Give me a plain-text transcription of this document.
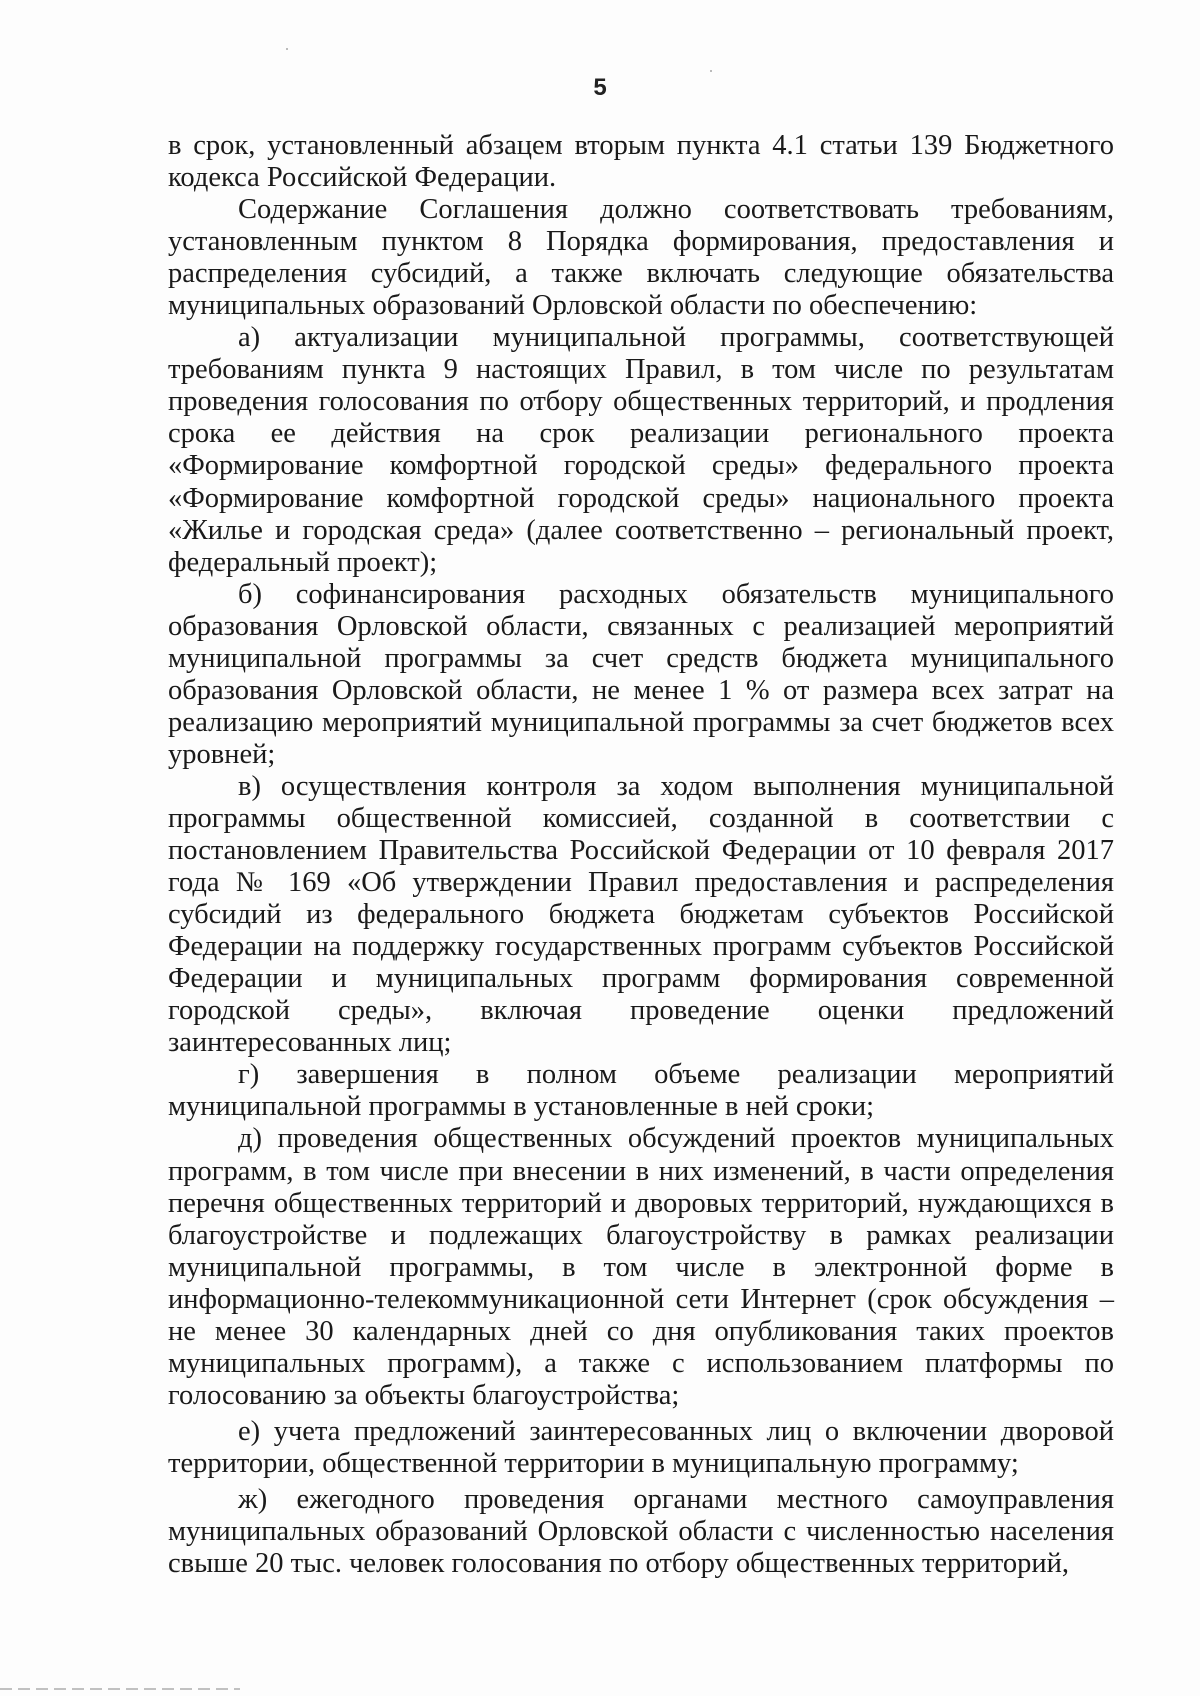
5

в срок, установленный абзацем вторым пункта 4.1 статьи 139 Бюджетного кодекса Российской Федерации.

Содержание Соглашения должно соответствовать требованиям, установленным пунктом 8 Порядка формирования, предоставления и распределения субсидий, а также включать следующие обязательства муниципальных образований Орловской области по обеспечению:

а) актуализации муниципальной программы, соответствующей требованиям пункта 9 настоящих Правил, в том числе по результатам проведения голосования по отбору общественных территорий, и продления срока ее действия на срок реализации регионального проекта «Формирование комфортной городской среды» федерального проекта «Формирование комфортной городской среды» национального проекта «Жилье и городская среда» (далее соответственно – региональный проект, федеральный проект);

б) софинансирования расходных обязательств муниципального образования Орловской области, связанных с реализацией мероприятий муниципальной программы за счет средств бюджета муниципального образования Орловской области, не менее 1 % от размера всех затрат на реализацию мероприятий муниципальной программы за счет бюджетов всех уровней;

в) осуществления контроля за ходом выполнения муниципальной программы общественной комиссией, созданной в соответствии с постановлением Правительства Российской Федерации от 10 февраля 2017 года № 169 «Об утверждении Правил предоставления и распределения субсидий из федерального бюджета бюджетам субъектов Российской Федерации на поддержку государственных программ субъектов Российской Федерации и муниципальных программ формирования современной городской среды», включая проведение оценки предложений заинтересованных лиц;

г) завершения в полном объеме реализации мероприятий муниципальной программы в установленные в ней сроки;

д) проведения общественных обсуждений проектов муниципальных программ, в том числе при внесении в них изменений, в части определения перечня общественных территорий и дворовых территорий, нуждающихся в благоустройстве и подлежащих благоустройству в рамках реализации муниципальной программы, в том числе в электронной форме в информационно-телекоммуникационной сети Интернет (срок обсуждения – не менее 30 календарных дней со дня опубликования таких проектов муниципальных программ), а также с использованием платформы по голосованию за объекты благоустройства;

е) учета предложений заинтересованных лиц о включении дворовой территории, общественной территории в муниципальную программу;

ж) ежегодного проведения органами местного самоуправления муниципальных образований Орловской области с численностью населения свыше 20 тыс. человек голосования по отбору общественных территорий,
